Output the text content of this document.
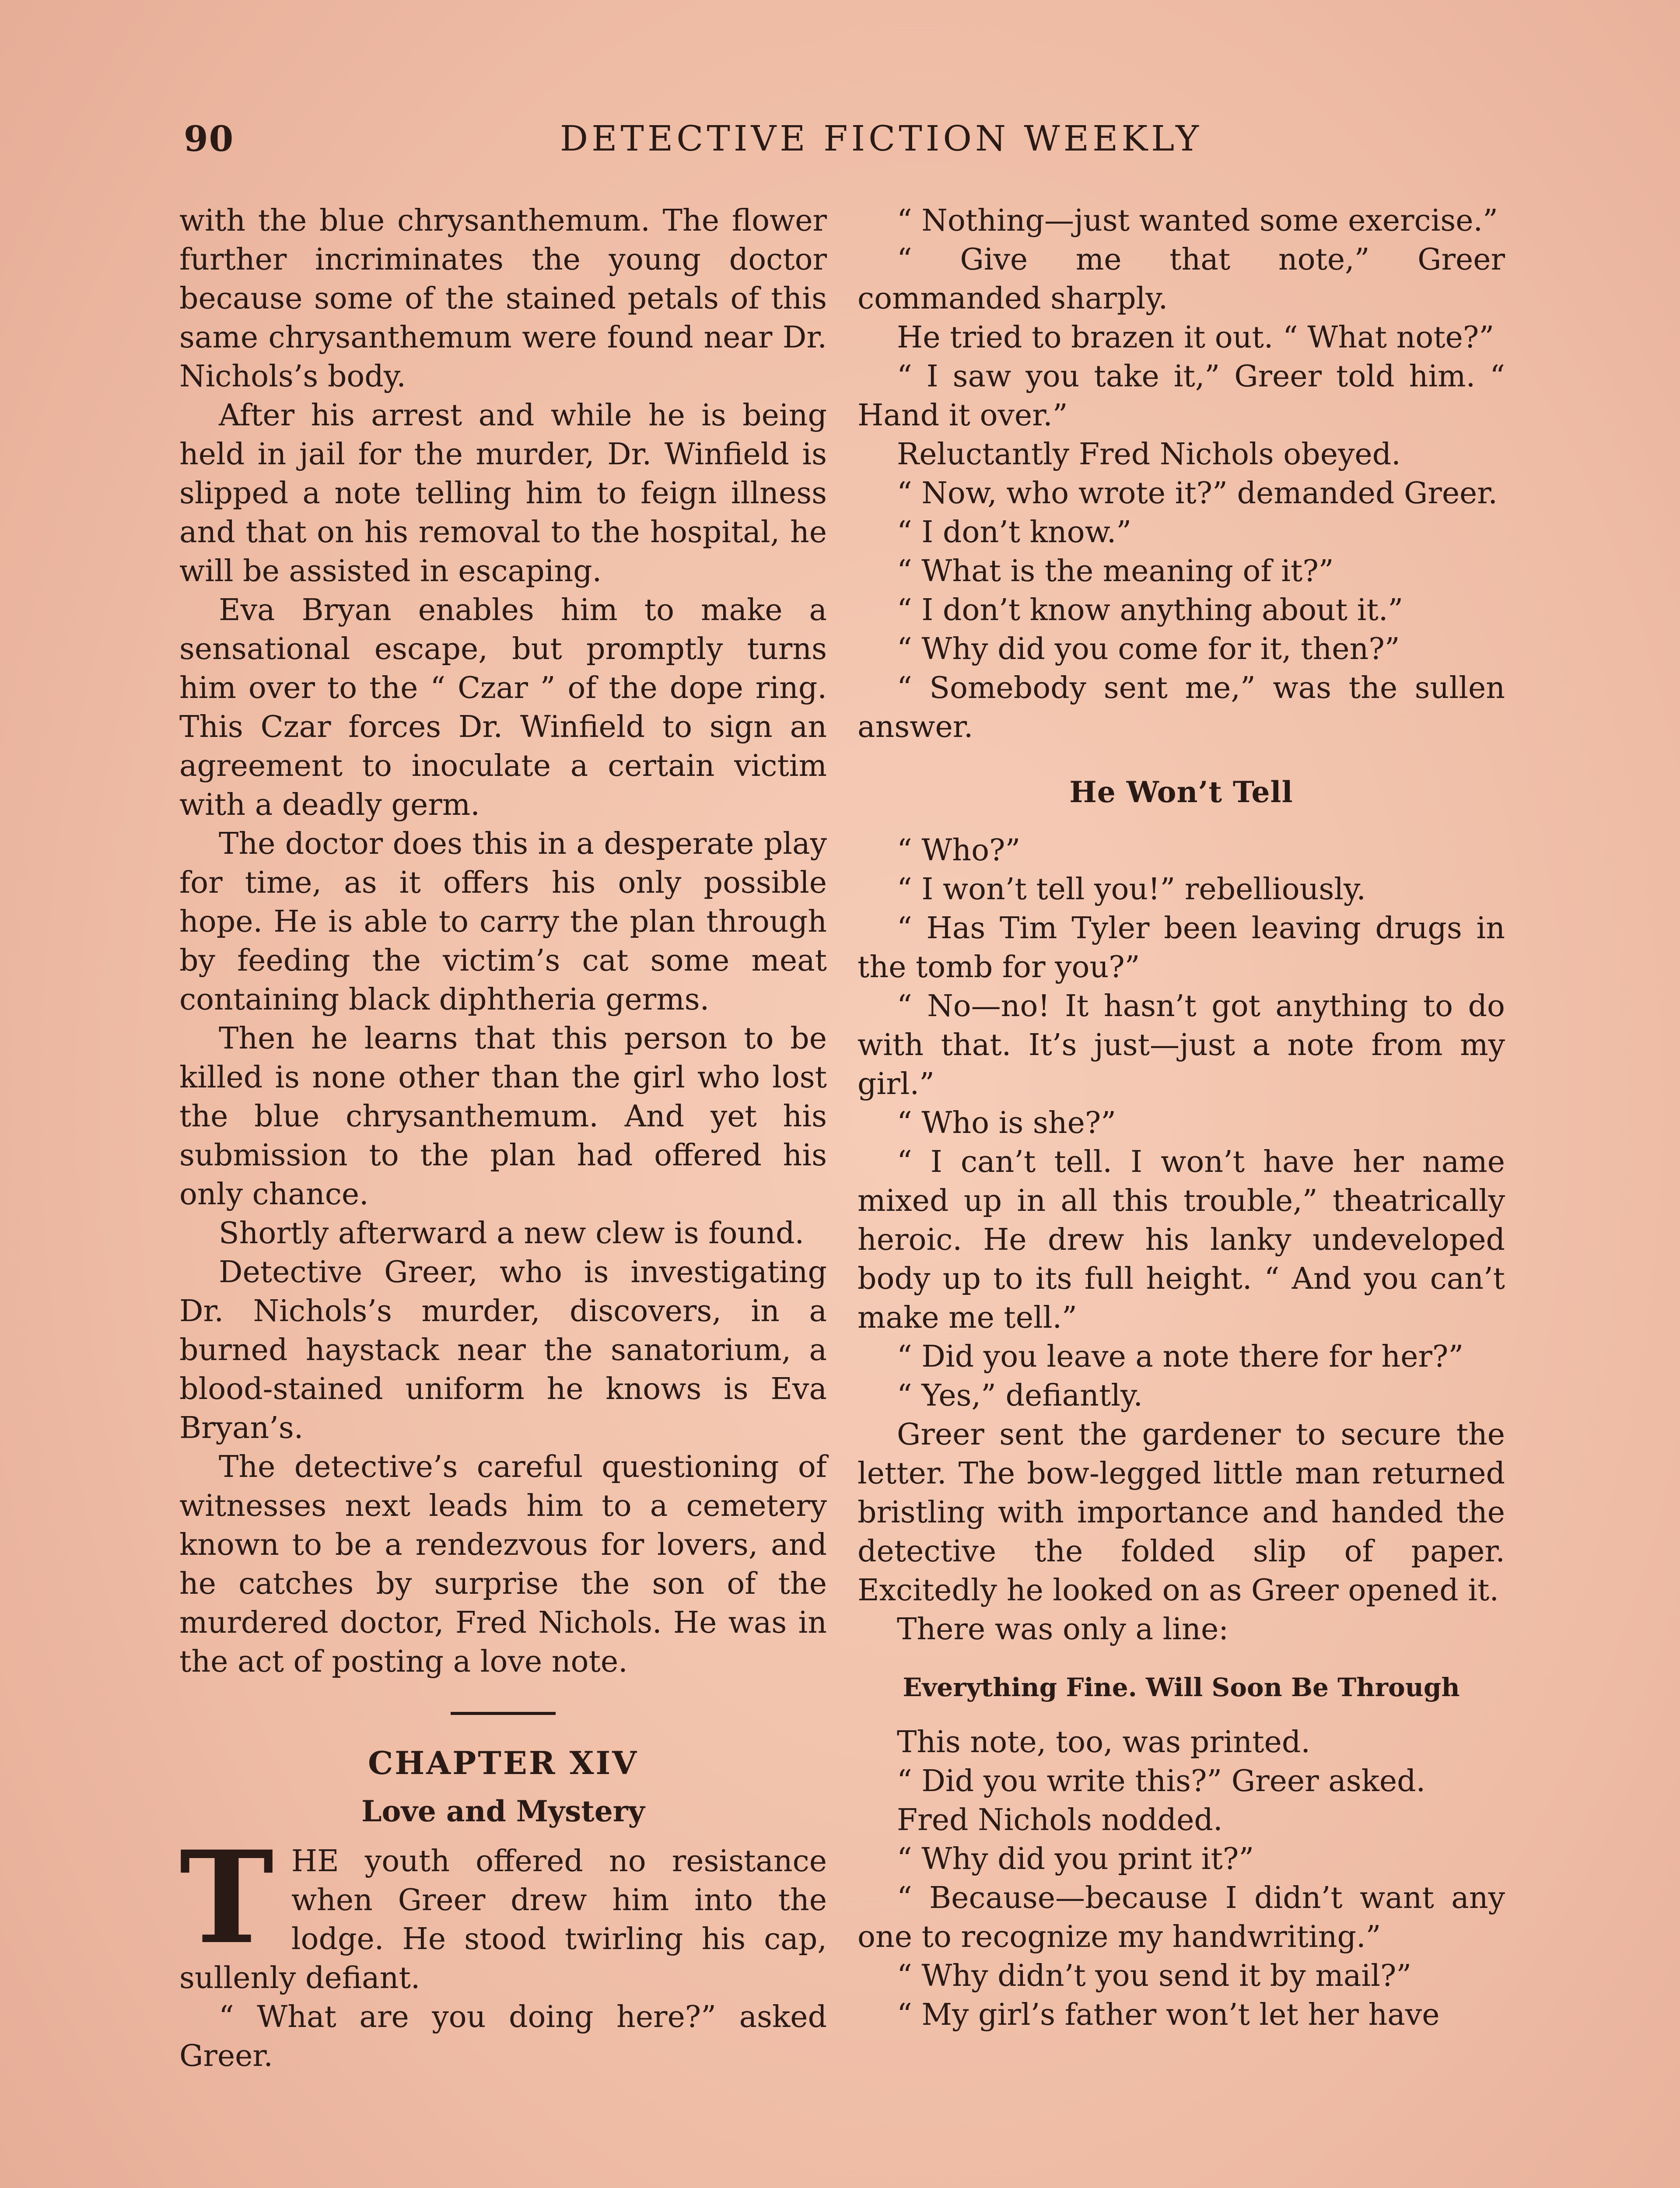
90	DETECTIVE FICTION WEEKLY

with the blue chrysanthemum. The flower further incriminates the young doctor because some of the stained petals of this same chrysanthemum were found near Dr. Nichols’s body.

After his arrest and while he is being held in jail for the murder, Dr. Winfield is slipped a note telling him to feign illness and that on his removal to the hospital, he will be assisted in escaping.

Eva Bryan enables him to make a sensational escape, but promptly turns him over to the “ Czar ” of the dope ring. This Czar forces Dr. Winfield to sign an agreement to inoculate a certain victim with a deadly germ.

The doctor does this in a desperate play for time, as it offers his only possible hope. He is able to carry the plan through by feeding the victim’s cat some meat containing black diphtheria germs.

Then he learns that this person to be killed is none other than the girl who lost the blue chrysanthemum. And yet his submission to the plan had offered his only chance.

Shortly afterward a new clew is found.

Detective Greer, who is investigating Dr. Nichols’s murder, discovers, in a burned haystack near the sanatorium, a blood-stained uniform he knows is Eva Bryan’s.

The detective’s careful questioning of witnesses next leads him to a cemetery known to be a rendezvous for lovers, and he catches by surprise the son of the murdered doctor, Fred Nichols. He was in the act of posting a love note.

CHAPTER XIV
Love and Mystery

THE youth offered no resistance when Greer drew him into the lodge. He stood twirling his cap, sullenly defiant.

“ What are you doing here?” asked Greer.

“ Nothing—just wanted some exercise.”

“ Give me that note,” Greer commanded sharply.

He tried to brazen it out. “ What note?”

“ I saw you take it,” Greer told him. “ Hand it over.”

Reluctantly Fred Nichols obeyed.

“ Now, who wrote it?” demanded Greer.

“ I don’t know.”

“ What is the meaning of it?”

“ I don’t know anything about it.”

“ Why did you come for it, then?”

“ Somebody sent me,” was the sullen answer.

He Won’t Tell

“ Who?”

“ I won’t tell you!” rebelliously.

“ Has Tim Tyler been leaving drugs in the tomb for you?”

“ No—no! It hasn’t got anything to do with that. It’s just—just a note from my girl.”

“ Who is she?”

“ I can’t tell. I won’t have her name mixed up in all this trouble,” theatrically heroic. He drew his lanky undeveloped body up to its full height. “ And you can’t make me tell.”

“ Did you leave a note there for her?”

“ Yes,” defiantly.

Greer sent the gardener to secure the letter. The bow-legged little man returned bristling with importance and handed the detective the folded slip of paper. Excitedly he looked on as Greer opened it.

There was only a line:

Everything Fine. Will Soon Be Through

This note, too, was printed.

“ Did you write this?” Greer asked.

Fred Nichols nodded.

“ Why did you print it?”

“ Because—because I didn’t want any one to recognize my handwriting.”

“ Why didn’t you send it by mail?”

“ My girl’s father won’t let her have
